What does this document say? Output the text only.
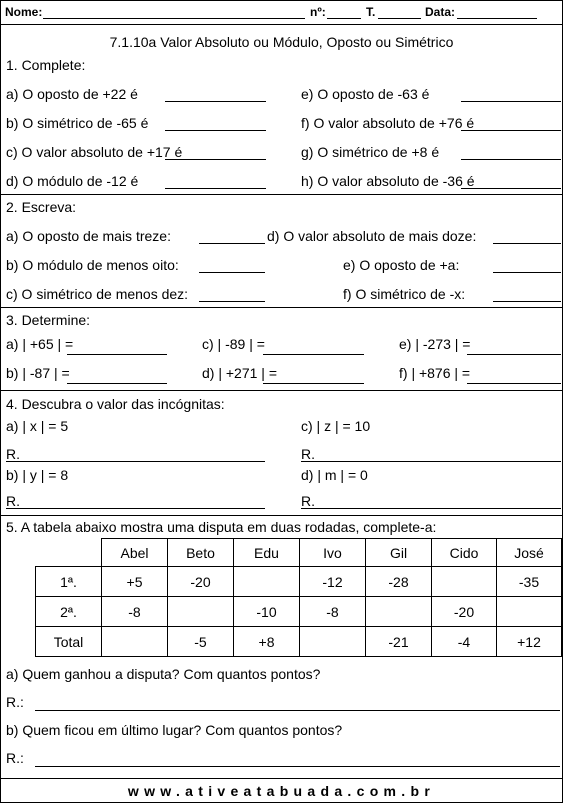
Nome:	nº:	T.	Data:
7.1.10a Valor Absoluto ou Módulo, Oposto ou Simétrico
1. Complete:
a) O oposto de +22 é
b) O simétrico de -65 é
c) O valor absoluto de +17 é
d) O módulo de -12 é
e) O oposto de -63 é
f) O valor absoluto de +76 é
g) O simétrico de +8 é
h) O valor absoluto de -36 é
2. Escreva:
a) O oposto de mais treze:	d) O valor absoluto de mais doze:
b) O módulo de menos oito:	e) O oposto de +a:
c) O simétrico de menos dez:	f) O simétrico de -x:
3. Determine:
a) | +65 | =	c) | -89 | =	e) | -273 | =
b) | -87 | =	d) | +271 | =	f) | +876 | =
4. Descubra o valor das incógnitas:
a) | x | = 5
R.
c) | z | = 10
R.
b) | y | = 8
R.
d) | m | = 0
R.
5. A tabela abaixo mostra uma disputa em duas rodadas, complete-a:
	Abel	Beto	Edu	Ivo	Gil	Cido	José
1ª.	+5	-20		-12	-28		-35
2ª.	-8		-10	-8		-20	
Total		-5	+8		-21	-4	+12
a) Quem ganhou a disputa? Com quantos pontos?
R.:
b) Quem ficou em último lugar? Com quantos pontos?
R.:
www.ativeatabuada.com.br
